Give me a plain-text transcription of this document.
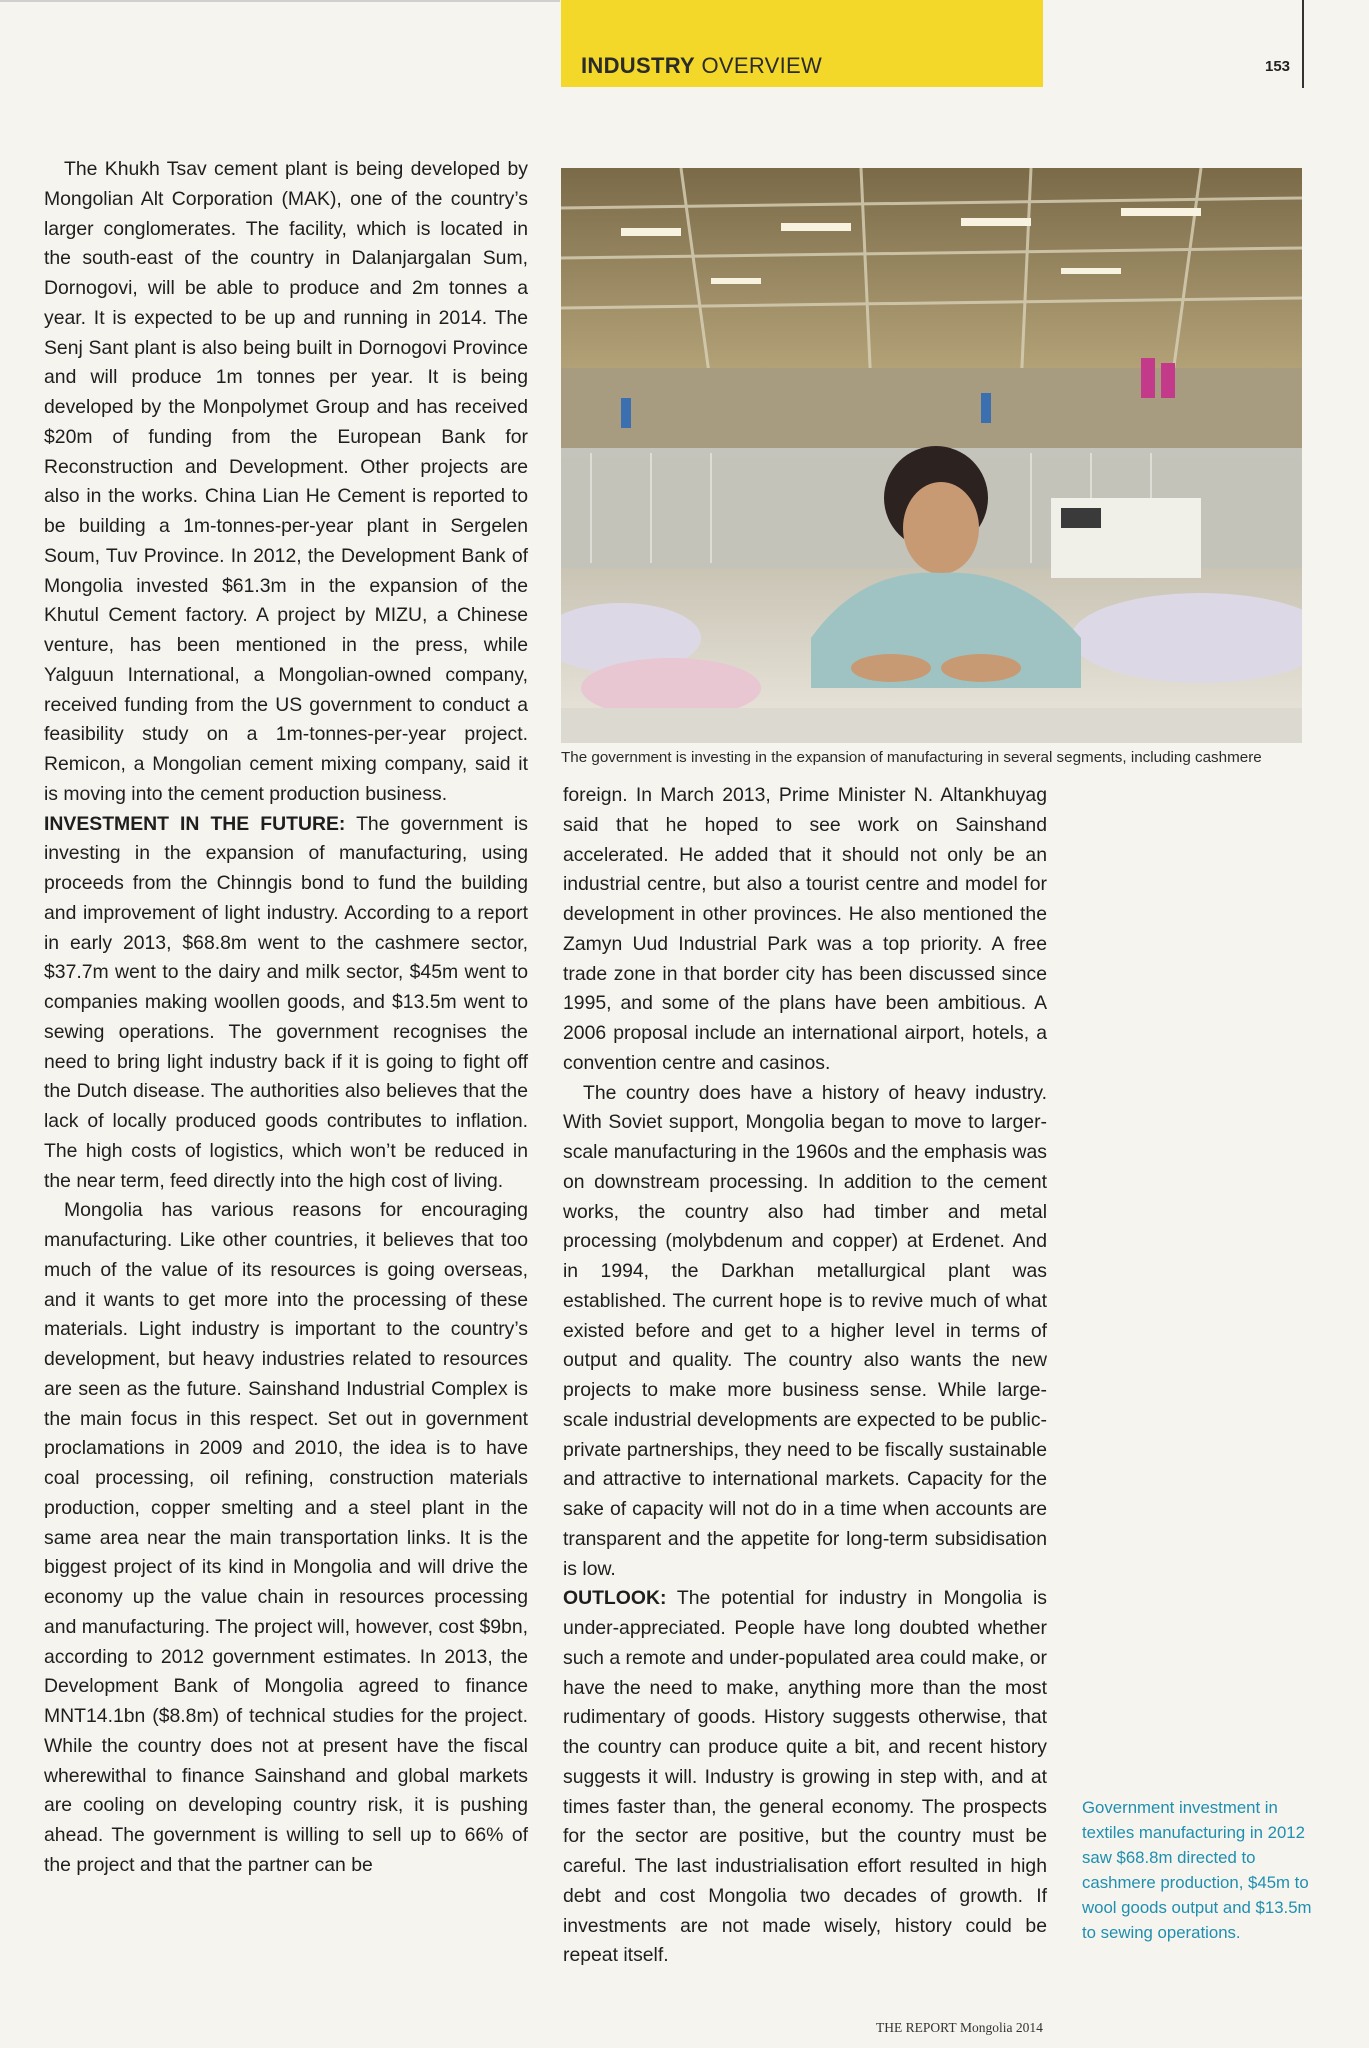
INDUSTRY OVERVIEW	153

The Khukh Tsav cement plant is being developed by Mongolian Alt Corporation (MAK), one of the country’s larger conglomerates. The facility, which is located in the south-east of the country in Dalanjargalan Sum, Dornogovi, will be able to produce and 2m tonnes a year. It is expected to be up and running in 2014. The Senj Sant plant is also being built in Dornogovi Province and will produce 1m tonnes per year. It is being developed by the Monpolymet Group and has received $20m of funding from the European Bank for Reconstruction and Development. Other projects are also in the works. China Lian He Cement is reported to be building a 1m-tonnes-per-year plant in Sergelen Soum, Tuv Province. In 2012, the Development Bank of Mongolia invested $61.3m in the expansion of the Khutul Cement factory. A project by MIZU, a Chinese venture, has been mentioned in the press, while Yalguun International, a Mongolian-owned company, received funding from the US government to conduct a feasibility study on a 1m-tonnes-per-year project. Remicon, a Mongolian cement mixing company, said it is moving into the cement production business.

INVESTMENT IN THE FUTURE: The government is investing in the expansion of manufacturing, using proceeds from the Chinngis bond to fund the building and improvement of light industry. According to a report in early 2013, $68.8m went to the cashmere sector, $37.7m went to the dairy and milk sector, $45m went to companies making woollen goods, and $13.5m went to sewing operations. The government recognises the need to bring light industry back if it is going to fight off the Dutch disease. The authorities also believes that the lack of locally produced goods contributes to inflation. The high costs of logistics, which won’t be reduced in the near term, feed directly into the high cost of living.

Mongolia has various reasons for encouraging manufacturing. Like other countries, it believes that too much of the value of its resources is going overseas, and it wants to get more into the processing of these materials. Light industry is important to the country’s development, but heavy industries related to resources are seen as the future. Sainshand Industrial Complex is the main focus in this respect. Set out in government proclamations in 2009 and 2010, the idea is to have coal processing, oil refining, construction materials production, copper smelting and a steel plant in the same area near the main transportation links. It is the biggest project of its kind in Mongolia and will drive the economy up the value chain in resources processing and manufacturing. The project will, however, cost $9bn, according to 2012 government estimates. In 2013, the Development Bank of Mongolia agreed to finance MNT14.1bn ($8.8m) of technical studies for the project. While the country does not at present have the fiscal wherewithal to finance Sainshand and global markets are cooling on developing country risk, it is pushing ahead. The government is willing to sell up to 66% of the project and that the partner can be

The government is investing in the expansion of manufacturing in several segments, including cashmere

foreign. In March 2013, Prime Minister N. Altankhuyag said that he hoped to see work on Sainshand accelerated. He added that it should not only be an industrial centre, but also a tourist centre and model for development in other provinces. He also mentioned the Zamyn Uud Industrial Park was a top priority. A free trade zone in that border city has been discussed since 1995, and some of the plans have been ambitious. A 2006 proposal include an international airport, hotels, a convention centre and casinos.

The country does have a history of heavy industry. With Soviet support, Mongolia began to move to larger-scale manufacturing in the 1960s and the emphasis was on downstream processing. In addition to the cement works, the country also had timber and metal processing (molybdenum and copper) at Erdenet. And in 1994, the Darkhan metallurgical plant was established. The current hope is to revive much of what existed before and get to a higher level in terms of output and quality. The country also wants the new projects to make more business sense. While large-scale industrial developments are expected to be public-private partnerships, they need to be fiscally sustainable and attractive to international markets. Capacity for the sake of capacity will not do in a time when accounts are transparent and the appetite for long-term subsidisation is low.

OUTLOOK: The potential for industry in Mongolia is under-appreciated. People have long doubted whether such a remote and under-populated area could make, or have the need to make, anything more than the most rudimentary of goods. History suggests otherwise, that the country can produce quite a bit, and recent history suggests it will. Industry is growing in step with, and at times faster than, the general economy. The prospects for the sector are positive, but the country must be careful. The last industrialisation effort resulted in high debt and cost Mongolia two decades of growth. If investments are not made wisely, history could be repeat itself.

Government investment in textiles manufacturing in 2012 saw $68.8m directed to cashmere production, $45m to wool goods output and $13.5m to sewing operations.
THE REPORT Mongolia 2014
